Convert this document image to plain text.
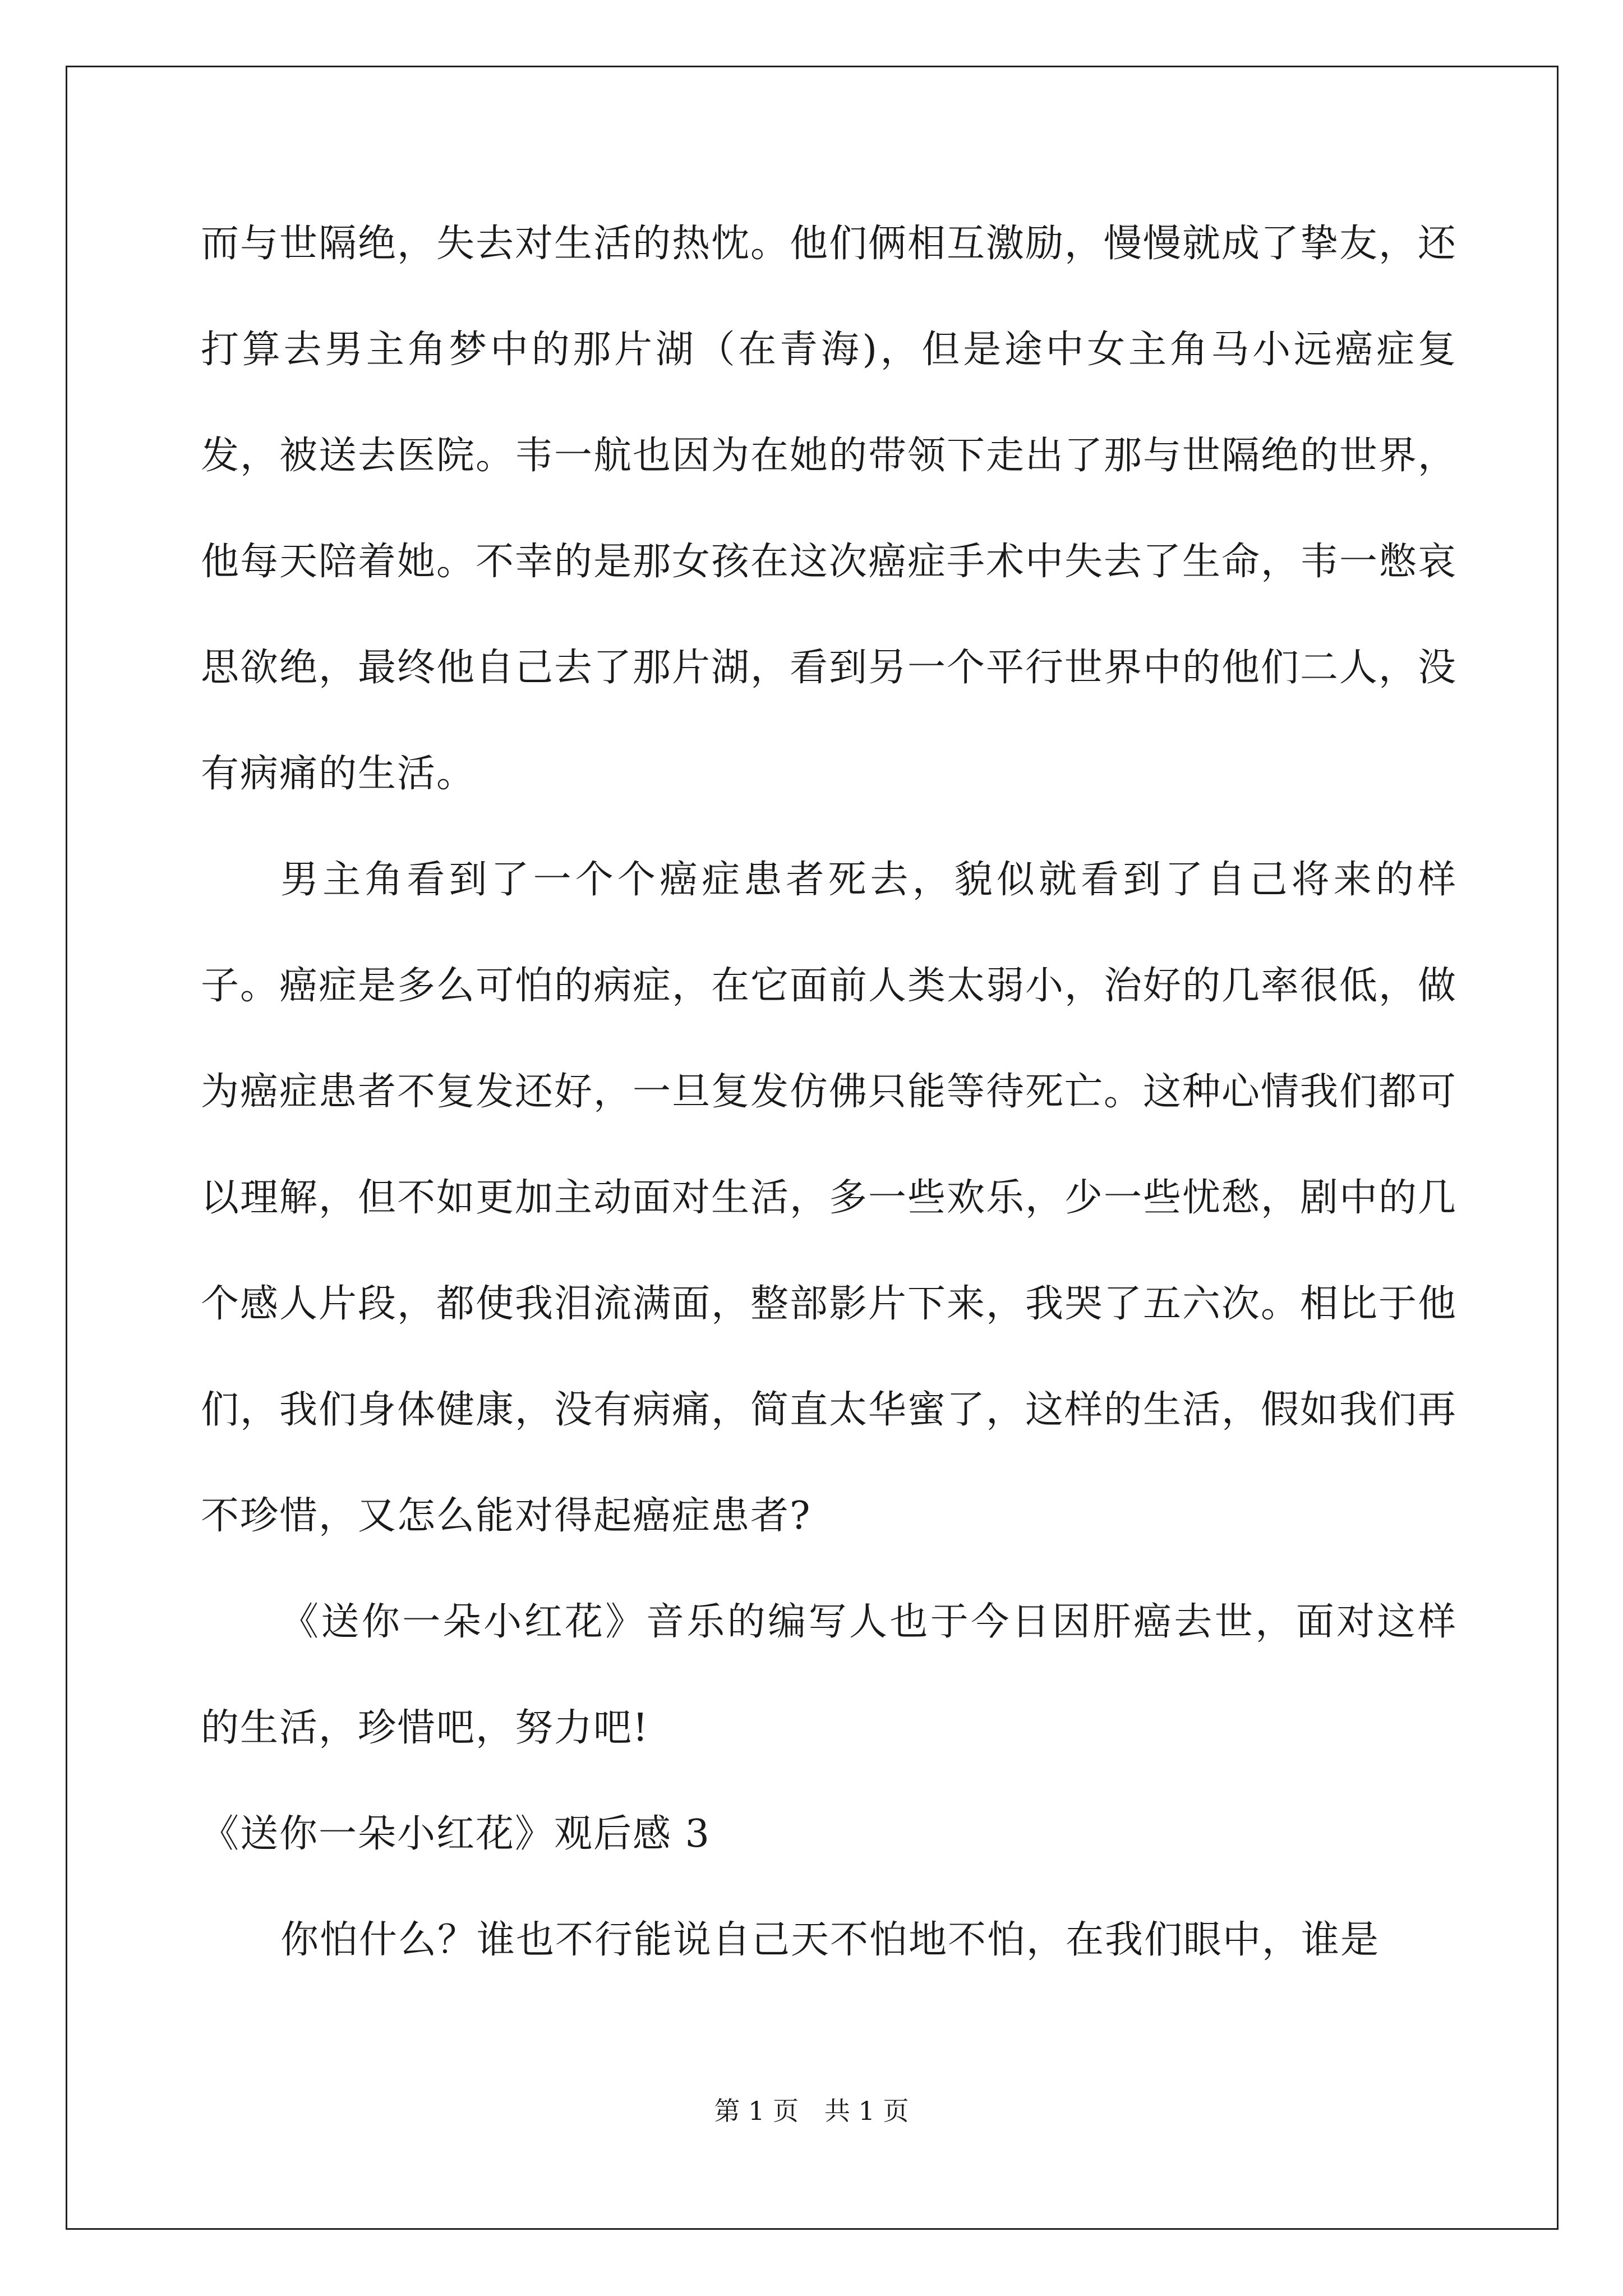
而与世隔绝，失去对生活的热忱。他们俩相互激励，慢慢就成了挚友，还打算去男主角梦中的那片湖（在青海)，但是途中女主角马小远癌症复发，被送去医院。韦一航也因为在她的带领下走出了那与世隔绝的世界，他每天陪着她。不幸的是那女孩在这次癌症手术中失去了生命，韦一憋哀思欲绝，最终他自己去了那片湖，看到另一个平行世界中的他们二人，没有病痛的生活。

男主角看到了一个个癌症患者死去，貌似就看到了自己将来的样子。癌症是多么可怕的病症，在它面前人类太弱小，治好的几率很低，做为癌症患者不复发还好，一旦复发仿佛只能等待死亡。这种心情我们都可以理解，但不如更加主动面对生活，多一些欢乐，少一些忧愁，剧中的几个感人片段，都使我泪流满面，整部影片下来，我哭了五六次。相比于他们，我们身体健康，没有病痛，简直太华蜜了，这样的生活，假如我们再不珍惜，又怎么能对得起癌症患者?

《送你一朵小红花》音乐的编写人也于今日因肝癌去世，面对这样的生活，珍惜吧，努力吧!

《送你一朵小红花》观后感 3

你怕什么？谁也不行能说自己天不怕地不怕，在我们眼中，谁是

第 1 页　共 1 页
